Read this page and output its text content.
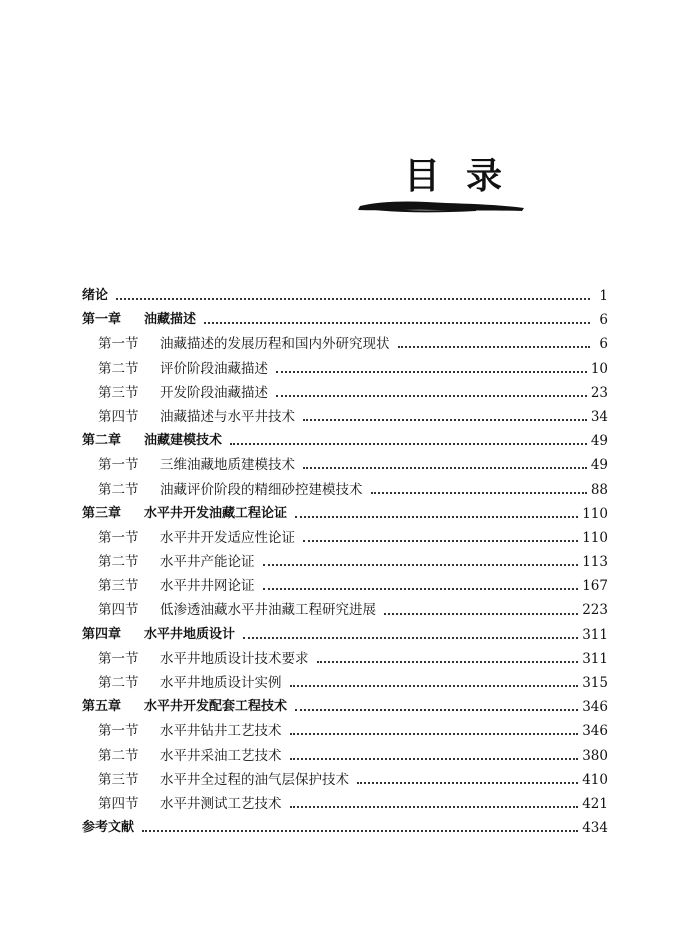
目录
绪论	1
第一章	油藏描述	6
第一节	油藏描述的发展历程和国内外研究现状	6
第二节	评价阶段油藏描述	10
第三节	开发阶段油藏描述	23
第四节	油藏描述与水平井技术	34
第二章	油藏建模技术	49
第一节	三维油藏地质建模技术	49
第二节	油藏评价阶段的精细砂控建模技术	88
第三章	水平井开发油藏工程论证	110
第一节	水平井开发适应性论证	110
第二节	水平井产能论证	113
第三节	水平井井网论证	167
第四节	低渗透油藏水平井油藏工程研究进展	223
第四章	水平井地质设计	311
第一节	水平井地质设计技术要求	311
第二节	水平井地质设计实例	315
第五章	水平井开发配套工程技术	346
第一节	水平井钻井工艺技术	346
第二节	水平井采油工艺技术	380
第三节	水平井全过程的油气层保护技术	410
第四节	水平井测试工艺技术	421
参考文献	434
